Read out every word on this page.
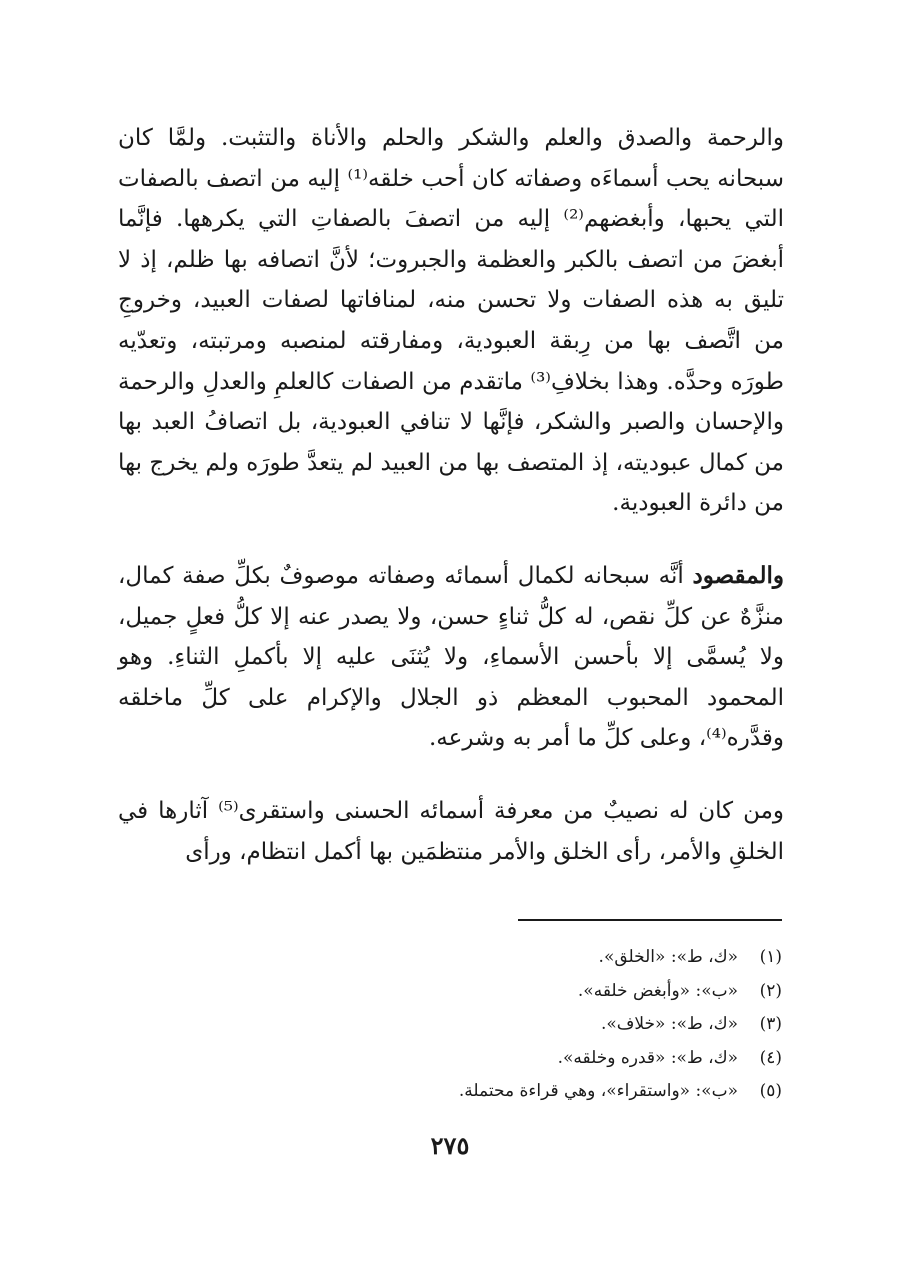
والرحمة والصدق والعلم والشكر والحلم والأناة والتثبت. ولمَّا كان سبحانه يحب أسماءَه وصفاته كان أحب خلقه⁽¹⁾ إليه من اتصف بالصفات التي يحبها، وأبغضهم⁽²⁾ إليه من اتصفَ بالصفاتِ التي يكرهها. فإنَّما أبغضَ من اتصف بالكبر والعظمة والجبروت؛ لأنَّ اتصافه بها ظلم، إذ لا تليق به هذه الصفات ولا تحسن منه، لمنافاتها لصفات العبيد، وخروجِ من اتَّصف بها من رِبقة العبودية، ومفارقته لمنصبه ومرتبته، وتعدّيه طورَه وحدَّه. وهذا بخلافِ⁽³⁾ ماتقدم من الصفات كالعلمِ والعدلِ والرحمة والإحسان والصبر والشكر، فإنَّها لا تنافي العبودية، بل اتصافُ العبد بها من كمال عبوديته، إذ المتصف بها من العبيد لم يتعدَّ طورَه ولم يخرج بها من دائرة العبودية.

والمقصود أنَّه سبحانه لكمال أسمائه وصفاته موصوفٌ بكلِّ صفة كمال، منزَّهٌ عن كلِّ نقص، له كلُّ ثناءٍ حسن، ولا يصدر عنه إلا كلُّ فعلٍ جميل، ولا يُسمَّى إلا بأحسن الأسماءِ، ولا يُثنَى عليه إلا بأكملِ الثناءِ. وهو المحمود المحبوب المعظم ذو الجلال والإكرام على كلِّ ماخلقه وقدَّره⁽⁴⁾، وعلى كلِّ ما أمر به وشرعه.

ومن كان له نصيبٌ من معرفة أسمائه الحسنى واستقرى⁽⁵⁾ آثارها في الخلقِ والأمر، رأى الخلق والأمر منتظمَين بها أكمل انتظام، ورأى

(١)«ك، ط»: «الخلق».
(٢)«ب»: «وأبغض خلقه».
(٣)«ك، ط»: «خلاف».
(٤)«ك، ط»: «قدره وخلقه».
(٥)«ب»: «واستقراء»، وهي قراءة محتملة.
٢٧٥
